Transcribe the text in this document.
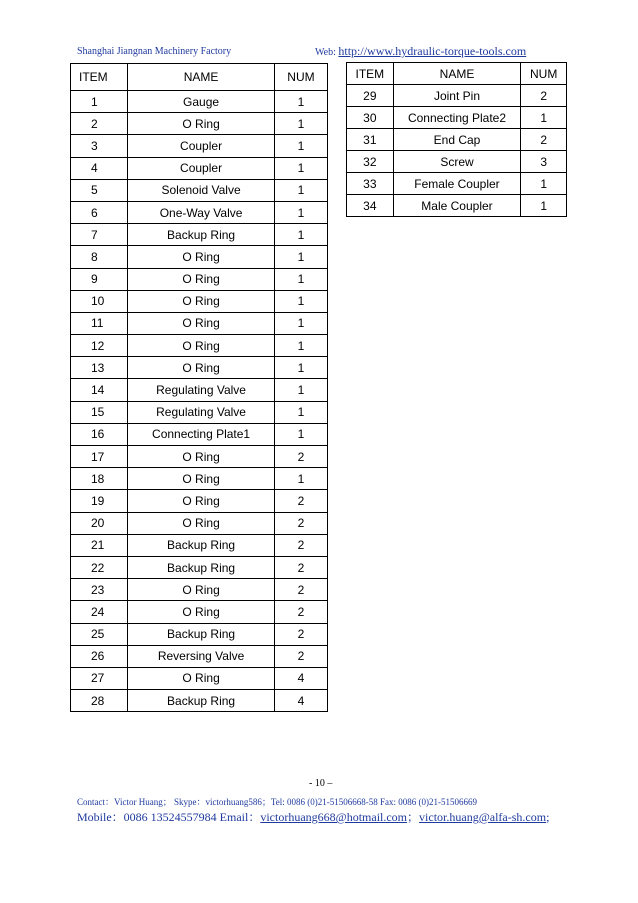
Shanghai Jiangnan Machinery Factory	Web: http://www.hydraulic-torque-tools.com
ITEM	NAME	NUM
1	Gauge	1
2	O Ring	1
3	Coupler	1
4	Coupler	1
5	Solenoid Valve	1
6	One-Way Valve	1
7	Backup Ring	1
8	O Ring	1
9	O Ring	1
10	O Ring	1
11	O Ring	1
12	O Ring	1
13	O Ring	1
14	Regulating Valve	1
15	Regulating Valve	1
16	Connecting Plate1	1
17	O Ring	2
18	O Ring	1
19	O Ring	2
20	O Ring	2
21	Backup Ring	2
22	Backup Ring	2
23	O Ring	2
24	O Ring	2
25	Backup Ring	2
26	Reversing Valve	2
27	O Ring	4
28	Backup Ring	4
ITEM	NAME	NUM
29	Joint Pin	2
30	Connecting Plate2	1
31	End Cap	2
32	Screw	3
33	Female Coupler	1
34	Male Coupler	1
- 10 –
Contact：Victor Huang； Skype：victorhuang586；Tel: 0086 (0)21-51506668-58 Fax: 0086 (0)21-51506669
Mobile：0086 13524557984 Email：victorhuang668@hotmail.com；victor.huang@alfa-sh.com;
